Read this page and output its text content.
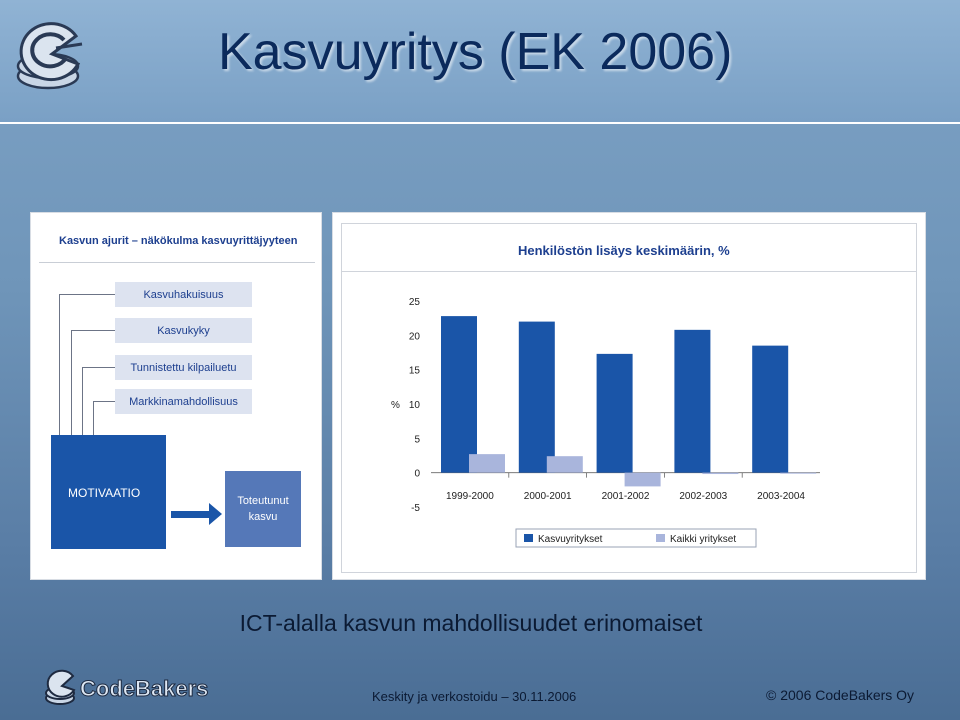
Kasvuyritys (EK 2006)
Kasvun ajurit – näkökulma kasvuyrittäjyyteen
Kasvuhakuisuus
Kasvukyky
Tunnistettu kilpailuetu
Markkinamahdollisuus
MOTIVAATIO
Toteutunut
kasvu
Henkilöstön lisäys keskimäärin, %
-5
0
5
10
15
20
25
%
1999-2000	2000-2001	2001-2002	2002-2003	2003-2004
Kasvuyritykset	Kaikki yritykset
ICT-alalla kasvun mahdollisuudet erinomaiset
CodeBakers	Keskity ja verkostoidu – 30.11.2006	© 2006 CodeBakers Oy
